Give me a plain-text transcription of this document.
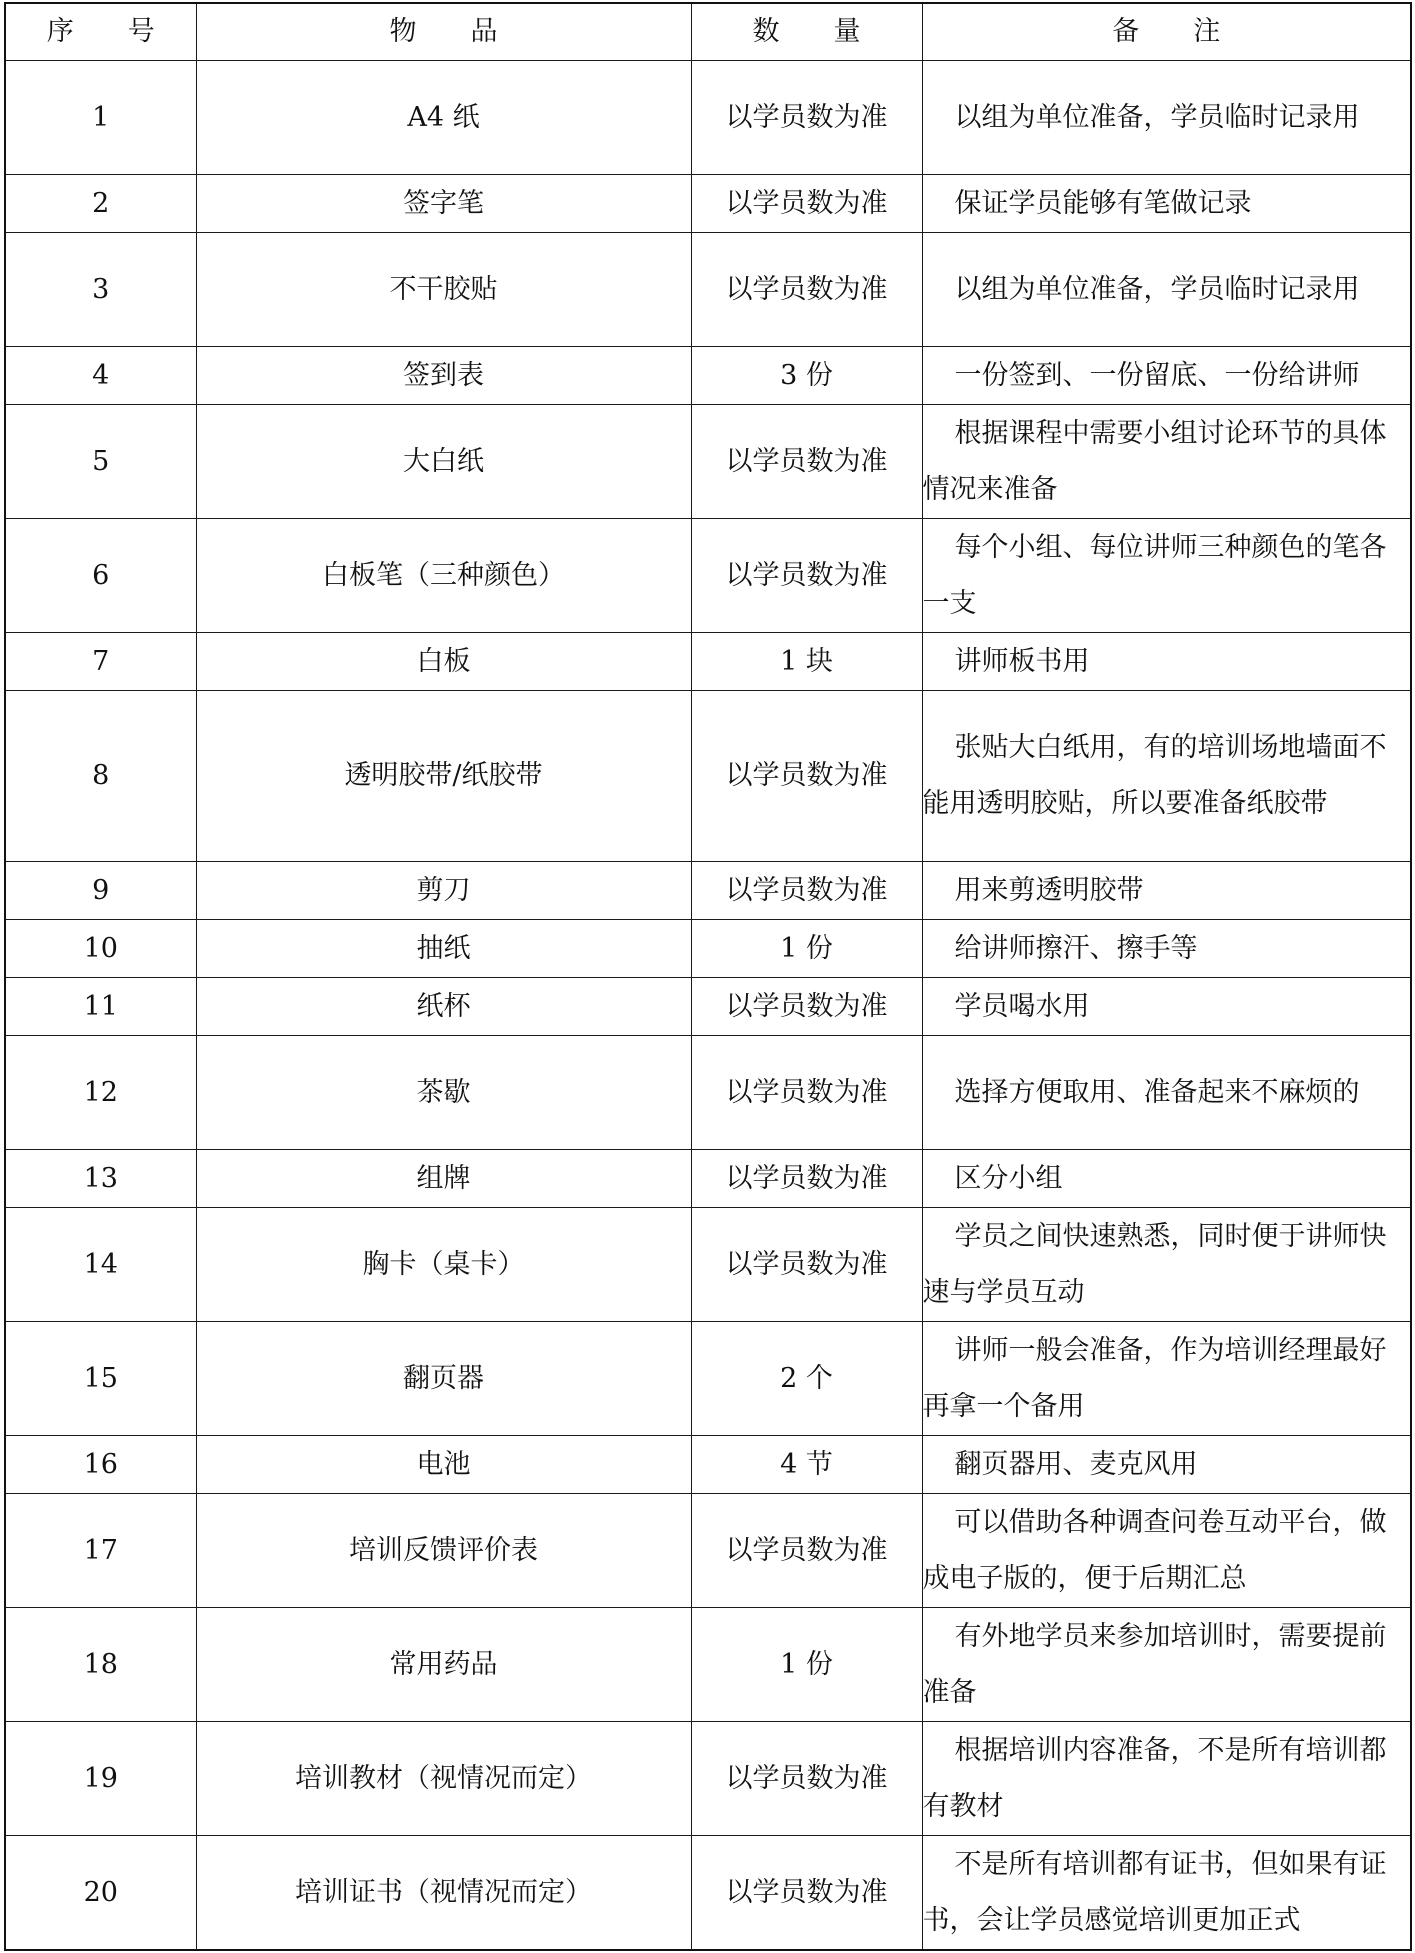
序　　号	物　　品	数　　量	备　　注
1	A4 纸	以学员数为准	以组为单位准备，学员临时记录用

2	签字笔	以学员数为准	保证学员能够有笔做记录

3	不干胶贴	以学员数为准	以组为单位准备，学员临时记录用

4	签到表	3 份	一份签到、一份留底、一份给讲师

5	大白纸	以学员数为准	根据课程中需要小组讨论环节的具体情况来准备

6	白板笔（三种颜色）	以学员数为准	每个小组、每位讲师三种颜色的笔各一支

7	白板	1 块	讲师板书用

8	透明胶带/纸胶带	以学员数为准	张贴大白纸用，有的培训场地墙面不能用透明胶贴，所以要准备纸胶带

9	剪刀	以学员数为准	用来剪透明胶带

10	抽纸	1 份	给讲师擦汗、擦手等

11	纸杯	以学员数为准	学员喝水用

12	茶歇	以学员数为准	选择方便取用、准备起来不麻烦的

13	组牌	以学员数为准	区分小组

14	胸卡（桌卡）	以学员数为准	学员之间快速熟悉，同时便于讲师快速与学员互动

15	翻页器	2 个	讲师一般会准备，作为培训经理最好再拿一个备用

16	电池	4 节	翻页器用、麦克风用

17	培训反馈评价表	以学员数为准	可以借助各种调查问卷互动平台，做成电子版的，便于后期汇总

18	常用药品	1 份	有外地学员来参加培训时，需要提前准备

19	培训教材（视情况而定）	以学员数为准	根据培训内容准备，不是所有培训都有教材

20	培训证书（视情况而定）	以学员数为准	不是所有培训都有证书，但如果有证书，会让学员感觉培训更加正式
